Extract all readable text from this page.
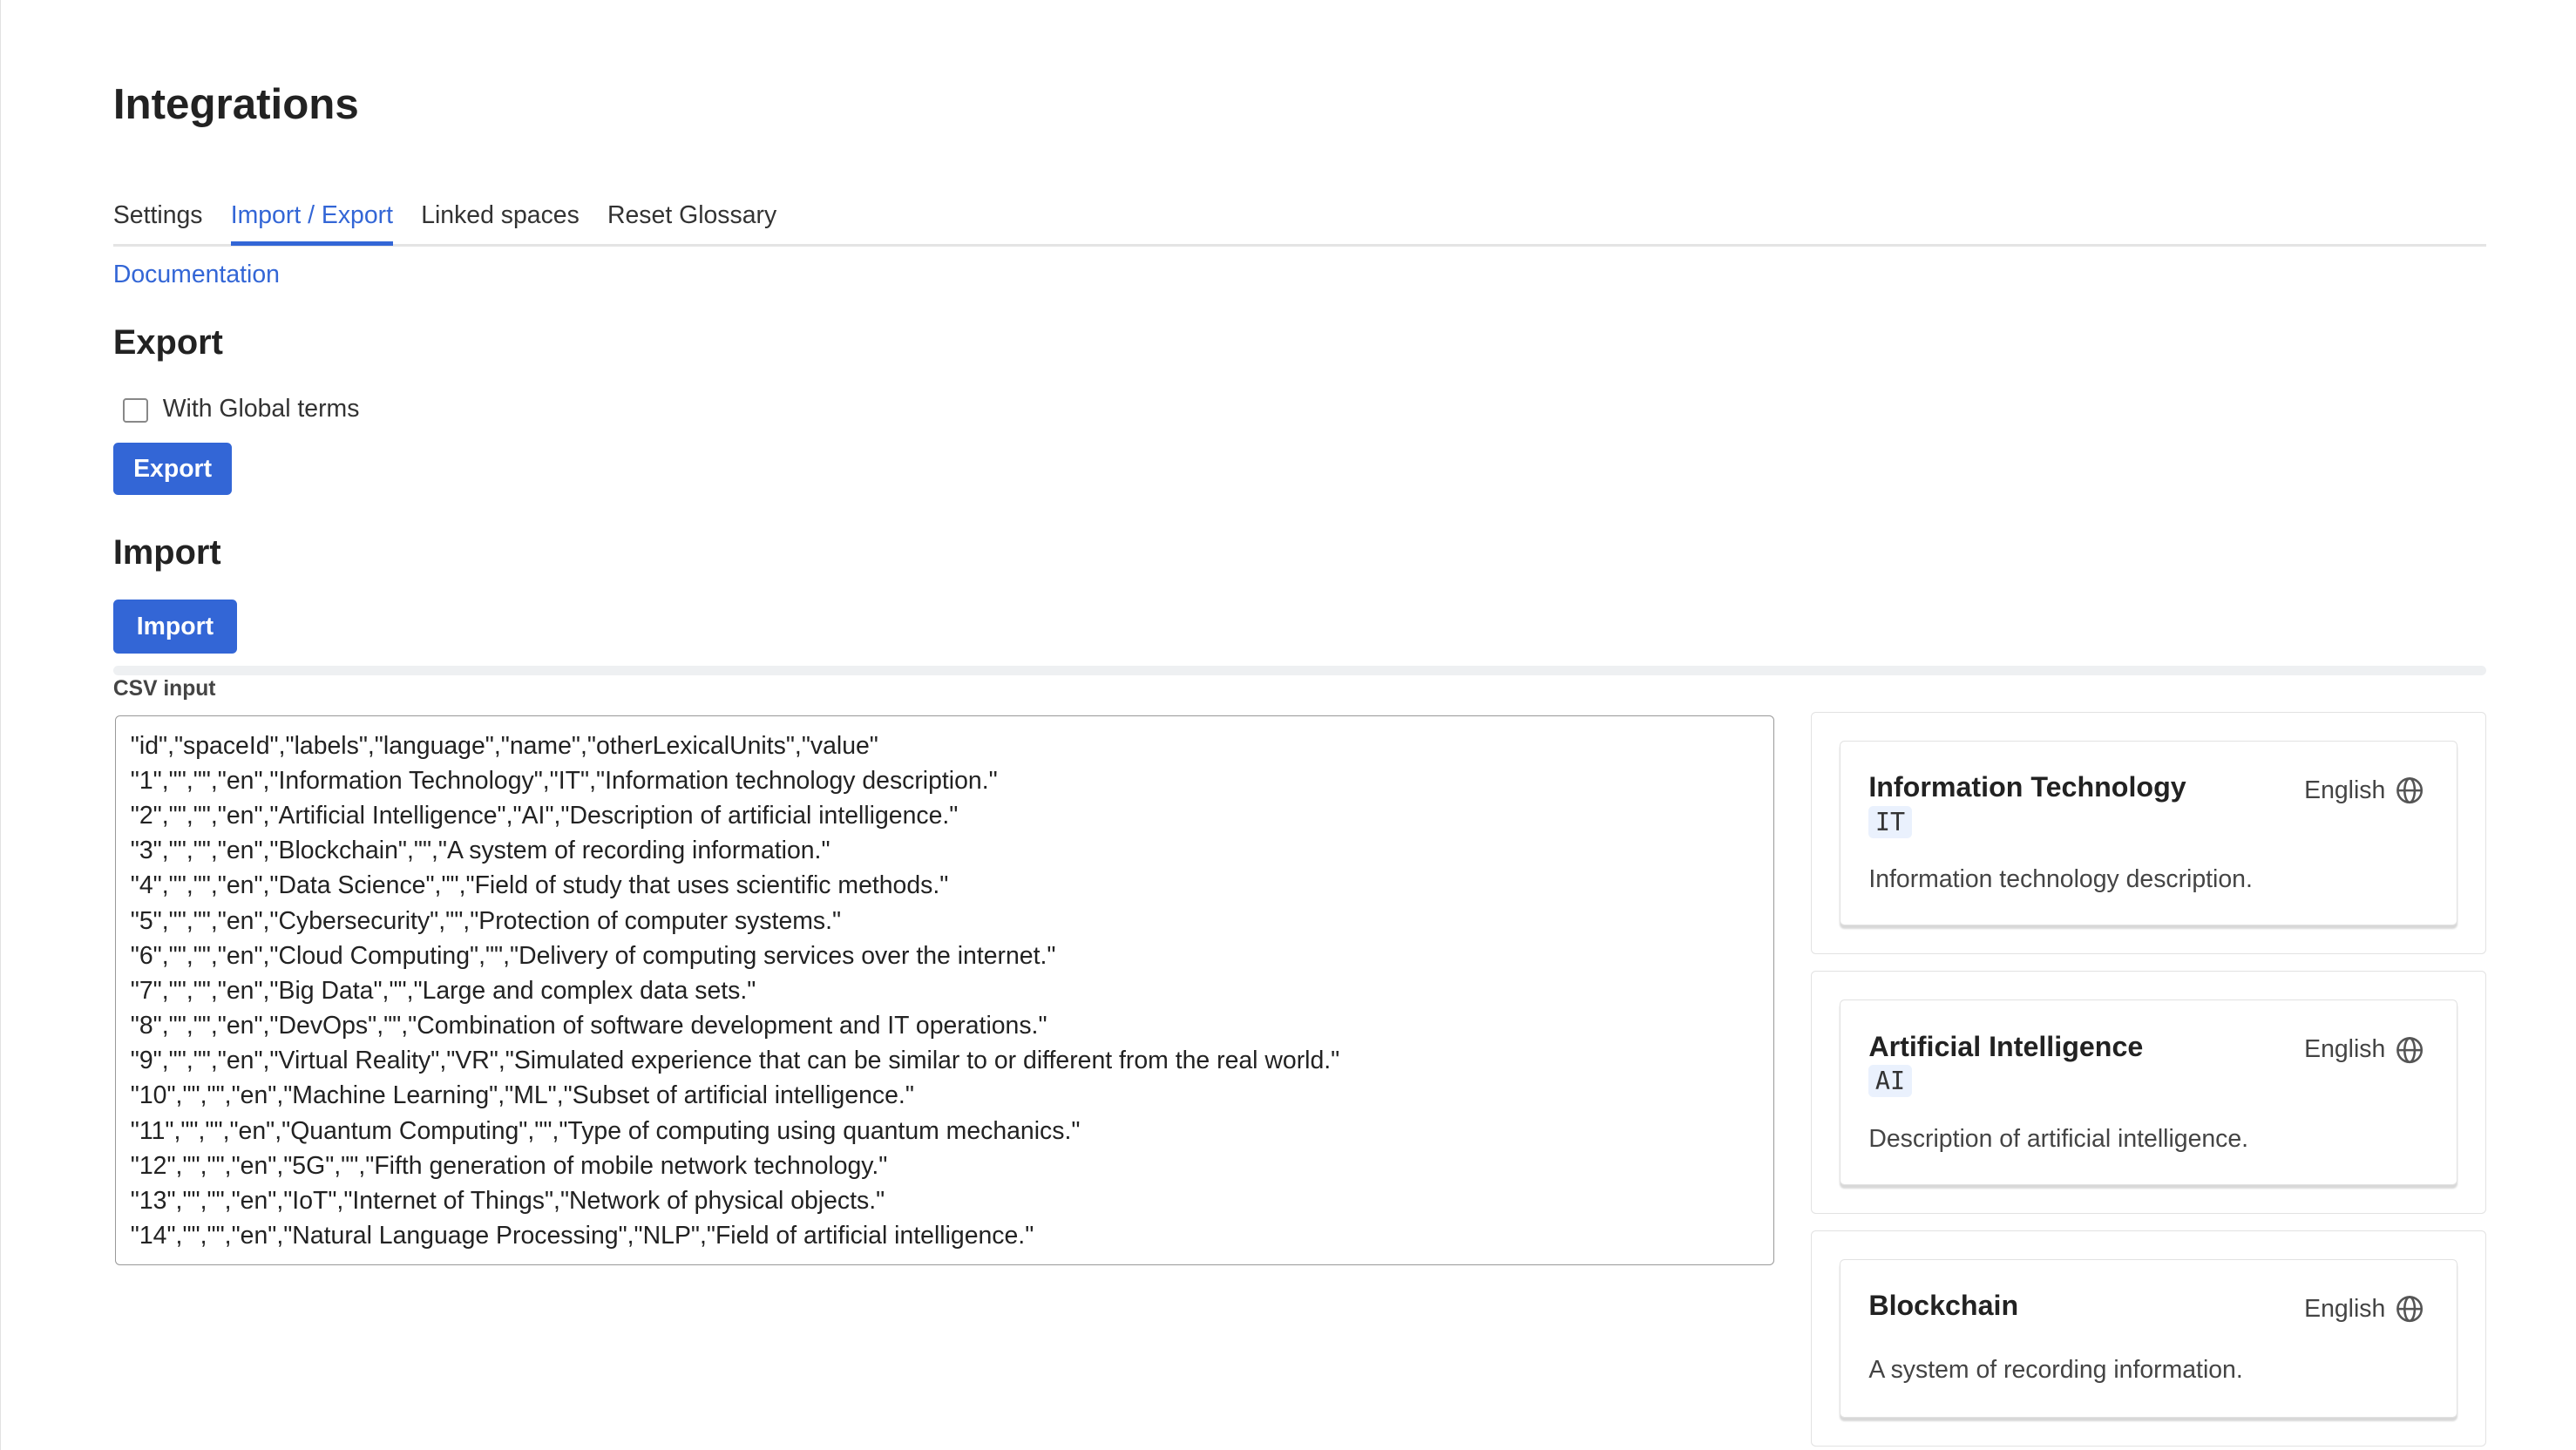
Integrations
Settings Import / Export Linked spaces Reset Glossary
Documentation
Export
With Global terms
Export
Import
Import
CSV input
"id","spaceId","labels","language","name","otherLexicalUnits","value"
"1","","","en","Information Technology","IT","Information technology description."
"2","","","en","Artificial Intelligence","AI","Description of artificial intelligence."
"3","","","en","Blockchain","","A system of recording information."
"4","","","en","Data Science","","Field of study that uses scientific methods."
"5","","","en","Cybersecurity","","Protection of computer systems."
"6","","","en","Cloud Computing","","Delivery of computing services over the internet."
"7","","","en","Big Data","","Large and complex data sets."
"8","","","en","DevOps","","Combination of software development and IT operations."
"9","","","en","Virtual Reality","VR","Simulated experience that can be similar to or different from the real world."
"10","","","en","Machine Learning","ML","Subset of artificial intelligence."
"11","","","en","Quantum Computing","","Type of computing using quantum mechanics."
"12","","","en","5G","","Fifth generation of mobile network technology."
"13","","","en","IoT","Internet of Things","Network of physical objects."
"14","","","en","Natural Language Processing","NLP","Field of artificial intelligence."
Information Technology	English
IT
Information technology description.
Artificial Intelligence	English
AI
Description of artificial intelligence.
Blockchain	English
A system of recording information.
